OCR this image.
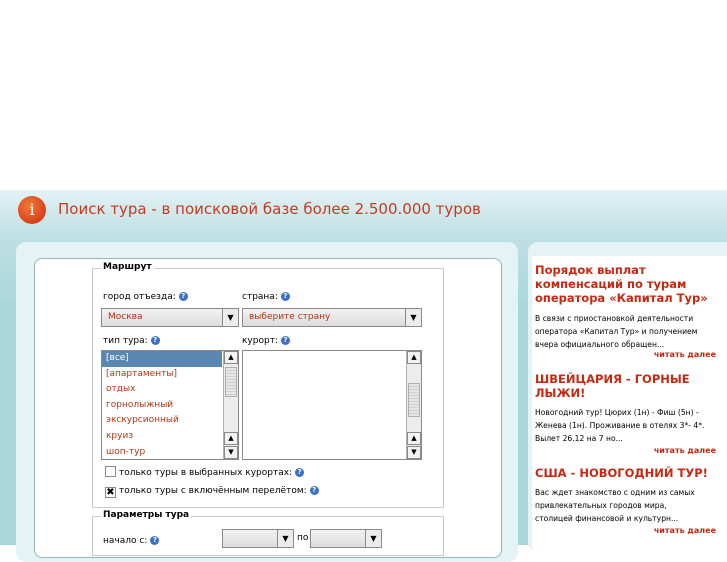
i	Поиск тура - в поисковой базе более 2.500.000 туров
Маршрут
город отъезда: ?	страна: ?
Москва	▼	выберите страну	▼
тип тура: ?	курорт: ?
[все]
[апартаменты]
отдых
горнолыжный
экскурсионный
круиз
шоп-тур
▲
▲
▼
▲
▲
▼
только туры в выбранных курортах: ?
✖ только туры с включённым перелётом: ?
Параметры тура
начало с: ?	▼ по	▼
Порядок выплат компенсаций по турам оператора «Капитал Тур»
В связи с приостановкой деятельности
оператора «Капитал Тур» и получением
вчера официального обращен...
читать далее
ШВЕЙЦАРИЯ - ГОРНЫЕ ЛЫЖИ!
Новогодний тур! Цюрих (1н) - Фиш (5н) -
Женева (1н). Проживание в отелях 3*- 4*.
Вылет 26.12 на 7 но...
читать далее
США - НОВОГОДНИЙ ТУР!
Вас ждет знакомство с одним из самых
привлекательных городов мира,
столицей финансовой и культурн...
читать далее
